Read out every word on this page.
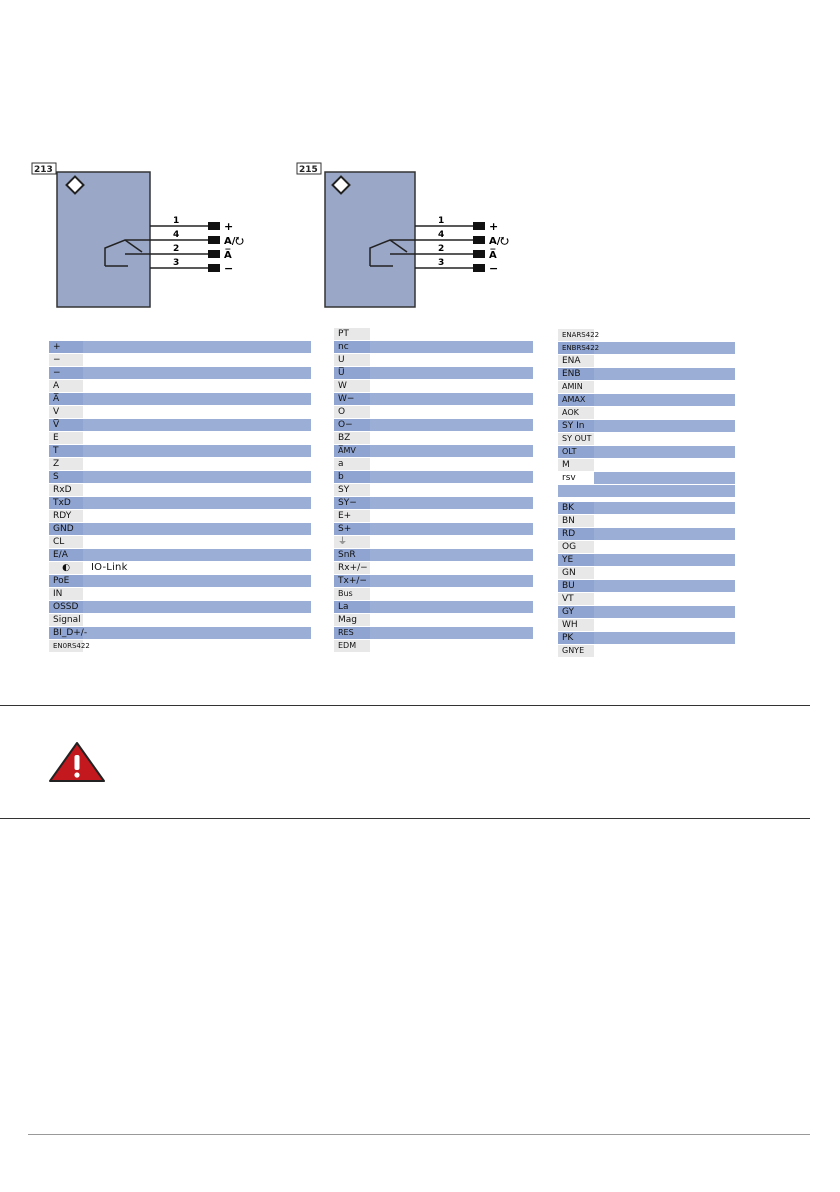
213
1
4
2
3
+
A/⭮
A̅
−
215
1
4
2
3
+
A/⭮
A̅
−
+
−
−
A
A̅
V
V̅
E
T
Z
S
RxD
TxD
RDY
GND
CL
E/A
◐	IO-Link
PoE
IN
OSSD
Signal
BI_D+/-
EN0RS422
PT
nc
U
U̅
W
W−
O
O−
BZ
A̅MV
a
b
SY
SY−
E+
S+
⏚
SnR
Rx+/−
Tx+/−
Bus
La
Mag
RES
EDM
ENARS422
ENBRS422
ENA
ENB
AMIN
AMAX
AOK
SY In
SY OUT
OLT
M
rsv
BK
BN
RD
OG
YE
GN
BU
VT
GY
WH
PK
GNYE
